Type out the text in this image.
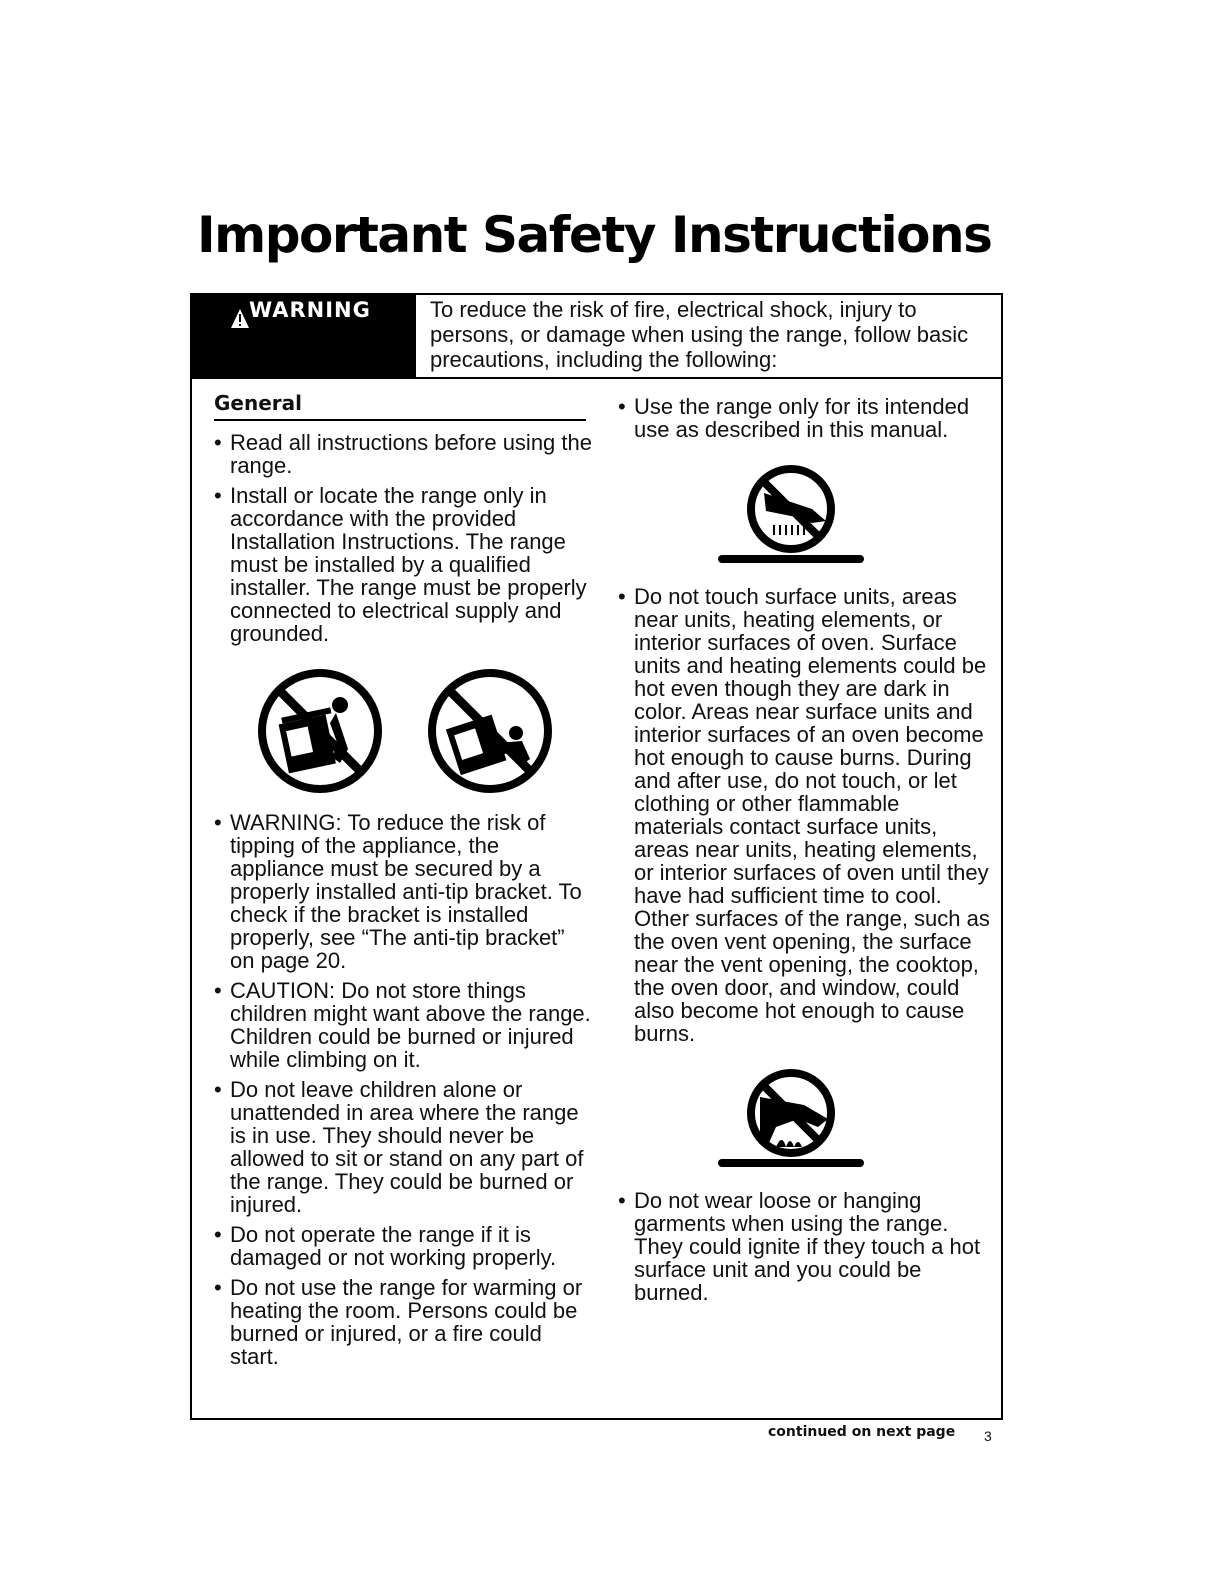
Important Safety Instructions
WARNING	To reduce the risk of fire, electrical shock, injury to persons, or damage when using the range, follow basic precautions, including the following:

General
• Read all instructions before using the range.
• Install or locate the range only in accordance with the provided Installation Instructions. The range must be installed by a qualified installer. The range must be properly connected to electrical supply and grounded.
• WARNING: To reduce the risk of tipping of the appliance, the appliance must be secured by a properly installed anti-tip bracket. To check if the bracket is installed properly, see “The anti-tip bracket” on page 20.
• CAUTION: Do not store things children might want above the range. Children could be burned or injured while climbing on it.
• Do not leave children alone or unattended in area where the range is in use. They should never be allowed to sit or stand on any part of the range. They could be burned or injured.
• Do not operate the range if it is damaged or not working properly.
• Do not use the range for warming or heating the room. Persons could be burned or injured, or a fire could start.
• Use the range only for its intended use as described in this manual.
• Do not touch surface units, areas near units, heating elements, or interior surfaces of oven. Surface units and heating elements could be hot even though they are dark in color. Areas near surface units and interior surfaces of an oven become hot enough to cause burns. During and after use, do not touch, or let clothing or other flammable materials contact surface units, areas near units, heating elements, or interior surfaces of oven until they have had sufficient time to cool. Other surfaces of the range, such as the oven vent opening, the surface near the vent opening, the cooktop, the oven door, and window, could also become hot enough to cause burns.
• Do not wear loose or hanging garments when using the range. They could ignite if they touch a hot surface unit and you could be burned.
continued on next page 3
